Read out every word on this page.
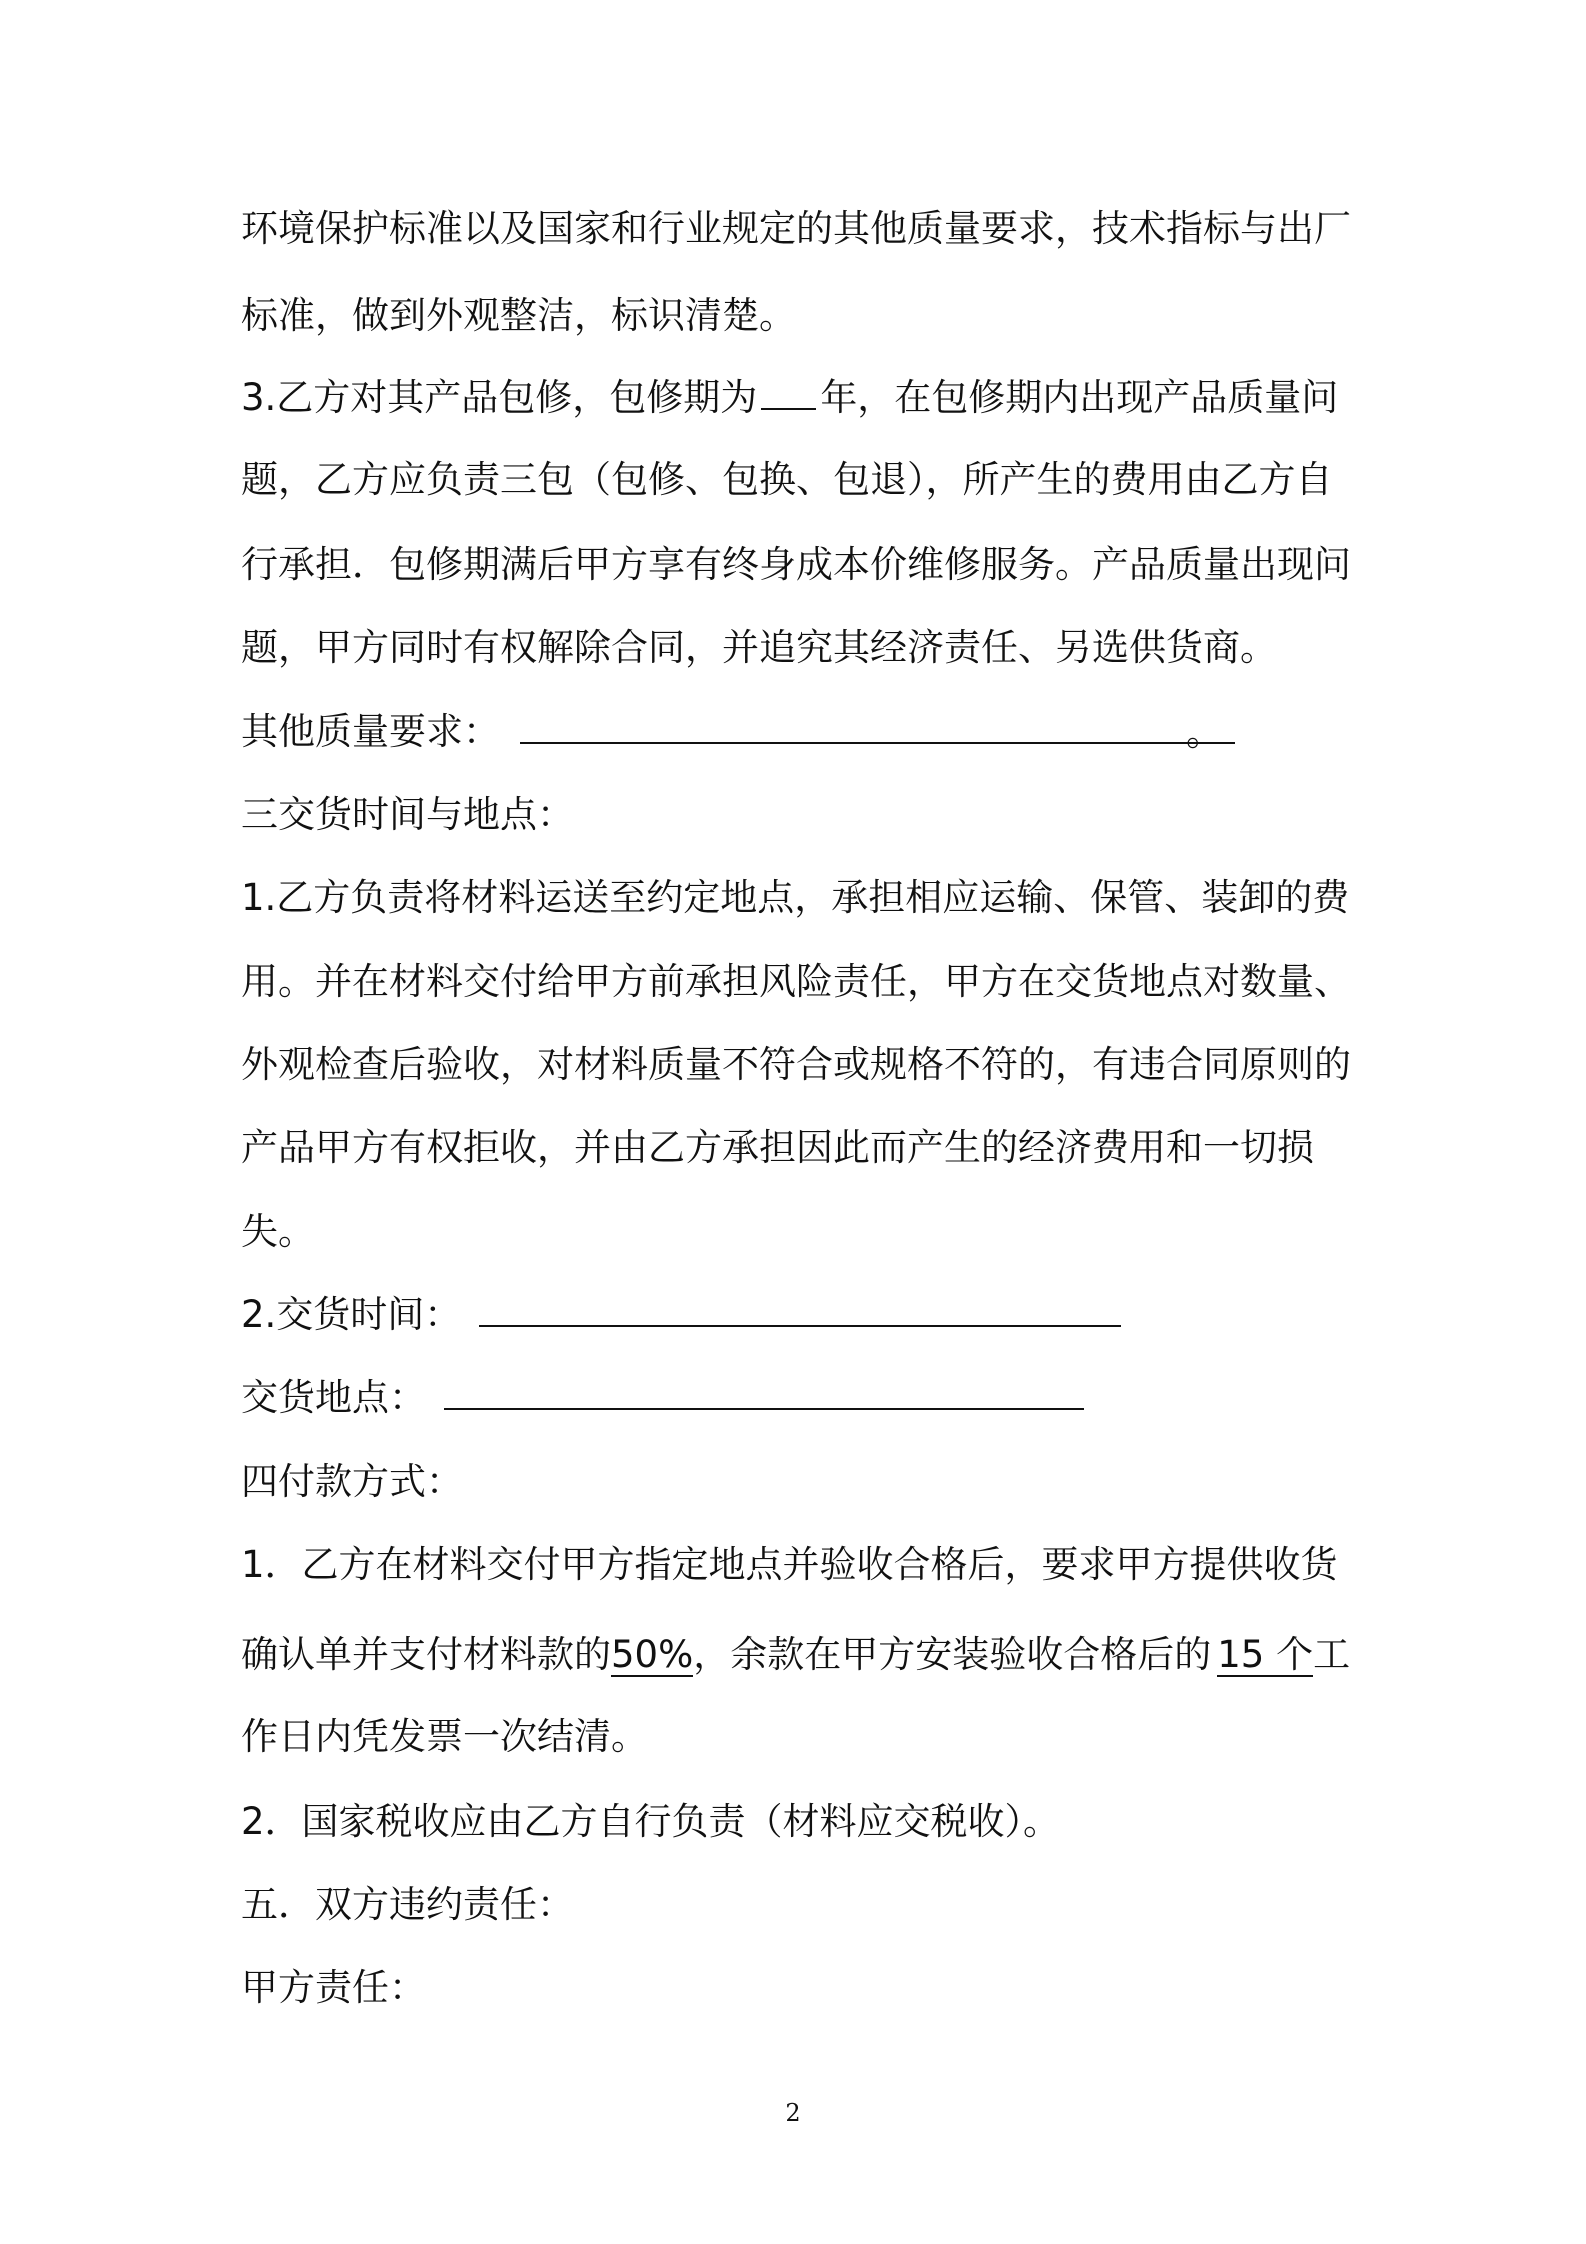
环境保护标准以及国家和行业规定的其他质量要求，技术指标与出厂
标准，做到外观整洁，标识清楚。
3.乙方对其产品包修，包修期为 年，在包修期内出现产品质量问
题，乙方应负责三包（包修、包换、包退），所产生的费用由乙方自
行承担．包修期满后甲方享有终身成本价维修服务。产品质量出现问
题，甲方同时有权解除合同，并追究其经济责任、另选供货商。
其他质量要求：	。
三交货时间与地点：
1.乙方负责将材料运送至约定地点，承担相应运输、保管、装卸的费
用。并在材料交付给甲方前承担风险责任，甲方在交货地点对数量、
外观检查后验收，对材料质量不符合或规格不符的，有违合同原则的
产品甲方有权拒收，并由乙方承担因此而产生的经济费用和一切损
失。
2.交货时间：
交货地点：
四付款方式：
1．乙方在材料交付甲方指定地点并验收合格后，要求甲方提供收货
确认单并支付材料款的50%，余款在甲方安装验收合格后的 15 个工
作日内凭发票一次结清。
2．国家税收应由乙方自行负责（材料应交税收）。
五．双方违约责任：
甲方责任：
2
